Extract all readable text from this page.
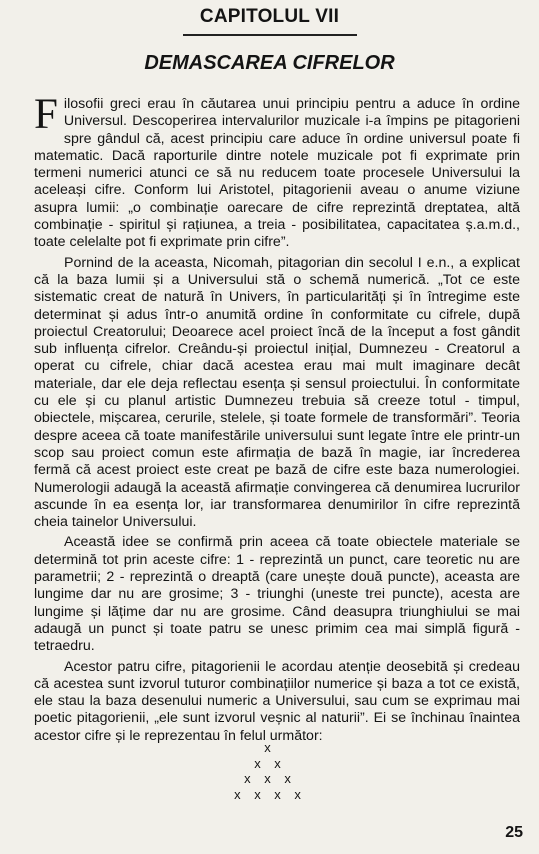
CAPITOLUL VII
DEMASCAREA CIFRELOR

Filosofii greci erau în căutarea unui principiu pentru a aduce în ordine Universul. Descoperirea intervalurilor muzicale i-a împins pe pitagorieni spre gândul că, acest principiu care aduce în ordine universul poate fi matematic. Dacă raporturile dintre notele muzicale pot fi exprimate prin termeni numerici atunci ce să nu reducem toate procesele Universului la aceleași cifre. Conform lui Aristotel, pitagorienii aveau o anume viziune asupra lumii: „o combinație oarecare de cifre reprezintă dreptatea, altă combinație - spiritul și rațiunea, a treia - posibilitatea, capacitatea ș.a.m.d., toate celelalte pot fi exprimate prin cifre”.

Pornind de la aceasta, Nicomah, pitagorian din secolul I e.n., a explicat că la baza lumii și a Universului stă o schemă numerică. „Tot ce este sistematic creat de natură în Univers, în particularități și în întregime este determinat și adus într-o anumită ordine în conformitate cu cifrele, după proiectul Creatorului; Deoarece acel proiect încă de la început a fost gândit sub influența cifrelor. Creându-și proiectul inițial, Dumnezeu - Creatorul a operat cu cifrele, chiar dacă acestea erau mai mult imaginare decât materiale, dar ele deja reflectau esența și sensul proiectului. În conformitate cu ele și cu planul artistic Dumnezeu trebuia să creeze totul - timpul, obiectele, mișcarea, cerurile, stelele, și toate formele de transformări”. Teoria despre aceea că toate manifestările universului sunt legate între ele printr-un scop sau proiect comun este afirmația de bază în magie, iar încrederea fermă că acest proiect este creat pe bază de cifre este baza numerologiei. Numerologii adaugă la această afirmație convingerea că denumirea lucrurilor ascunde în ea esența lor, iar transformarea denumirilor în cifre reprezintă cheia tainelor Universului.

Această idee se confirmă prin aceea că toate obiectele materiale se determină tot prin aceste cifre: 1 - reprezintă un punct, care teoretic nu are parametrii; 2 - reprezintă o dreaptă (care unește două puncte), aceasta are lungime dar nu are grosime; 3 - triunghi (uneste trei puncte), acesta are lungime și lățime dar nu are grosime. Când deasupra triunghiului se mai adaugă un punct și toate patru se unesc primim cea mai simplă figură - tetraedru.

Acestor patru cifre, pitagorienii le acordau atenție deosebită și credeau că acestea sunt izvorul tuturor combinațiilor numerice și baza a tot ce există, ele stau la baza desenului numeric a Universului, sau cum se exprimau mai poetic pitagorienii, „ele sunt izvorul veșnic al naturii”. Ei se închinau înaintea acestor cifre și le reprezentau în felul următor:

x
x x
x x x
x x x x
25
